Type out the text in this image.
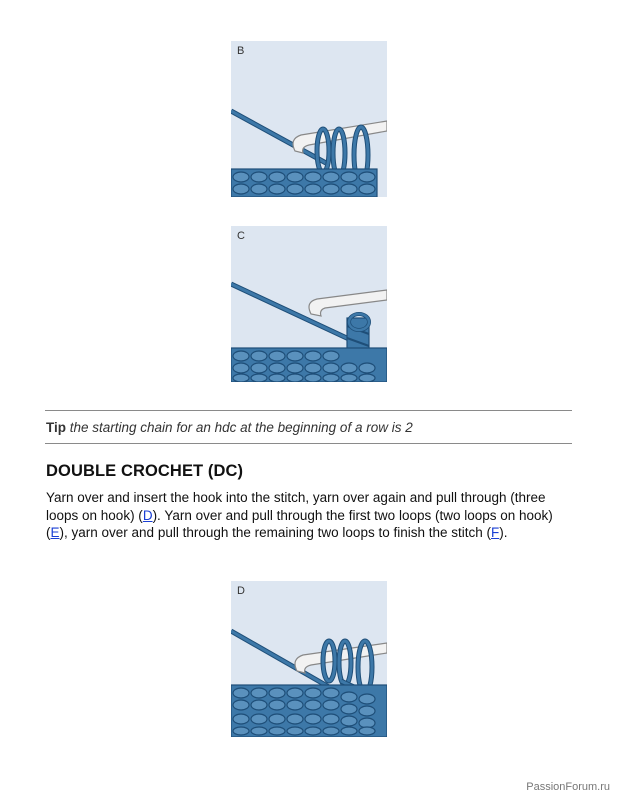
B
C
Tip the starting chain for an hdc at the beginning of a row is 2
DOUBLE CROCHET (DC)

Yarn over and insert the hook into the stitch, yarn over again and pull through (three loops on hook) (D). Yarn over and pull through the first two loops (two loops on hook) (E), yarn over and pull through the remaining two loops to finish the stitch (F).

D
PassionForum.ru
